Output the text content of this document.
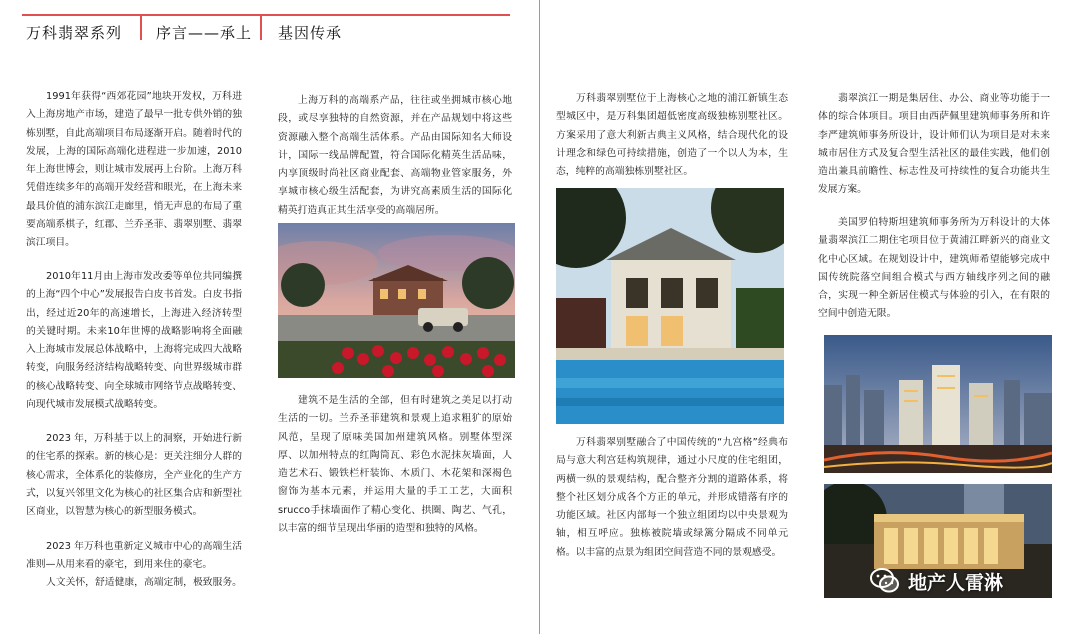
万科翡翠系列 序言——承上 基因传承
1991年获得“西郊花园”地块开发权，万科进入上海房地产市场，建造了最早一批专供外销的独栋别墅，自此高端项目布局逐渐开启。随着时代的发展，上海的国际高端化进程进一步加速，2010年上海世博会，则让城市发展再上台阶。上海万科凭借连续多年的高端开发经营和眼光，在上海未来最具价值的浦东滨江走廊里，悄无声息的布局了重要高端系棋子，红郡、兰乔圣菲、翡翠别墅、翡翠滨江项目。
2010年11月由上海市发改委等单位共同编撰的上海“四个中心”发展报告白皮书首发。白皮书指出，经过近20年的高速增长，上海进入经济转型的关键时期。未来10年世博的战略影响将全面融入上海城市发展总体战略中，上海将完成四大战略转变，向服务经济结构战略转变、向世界级城市群的核心战略转变、向全球城市网络节点战略转变、向现代城市发展模式战略转变。
2023 年，万科基于以上的洞察，开始进行新的住宅系的探索。新的核心是：更关注细分人群的核心需求，全体系化的装修房，全产业化的生产方式，以复兴邻里文化为核心的社区集合店和新型社区商业，以智慧为核心的新型服务模式。
2023 年万科也重新定义城市中心的高端生活准则—从用来看的豪宅，到用来住的豪宅。
人文关怀，舒适健康，高端定制，极致服务。
上海万科的高端系产品，往往或坐拥城市核心地段，或尽享独特的自然资源，并在产品规划中将这些资源融入整个高端生活体系。产品由国际知名大师设计，国际一线品牌配置，符合国际化精英生活品味，内享顶级时尚社区商业配套、高端物业管家服务，外享城市核心级生活配套，为讲究高素质生活的国际化精英打造真正其生活享受的高端居所。
建筑不是生活的全部，但有时建筑之美足以打动生活的一切。兰乔圣菲建筑和景观上追求粗犷的原始风范，呈现了原味美国加州建筑风格。别墅体型深厚、以加州特点的红陶筒瓦、彩色水泥抹灰墙面，人造艺术石、锻铁栏杆装饰、木质门、木花架和深褐色窗饰为基本元素，并运用大量的手工工艺，大面积srucco手抹墙面作了精心变化、拱圈、陶艺、气孔，以丰富的细节呈现出华丽的造型和独特的风格。
万科翡翠别墅位于上海核心之地的浦江新镇生态型城区中，是万科集团超低密度高级独栋别墅社区。方案采用了意大利新古典主义风格，结合现代化的设计理念和绿色可持续措施，创造了一个以人为本，生态，纯粹的高端独栋别墅社区。
万科翡翠别墅融合了中国传统的“九宫格”经典布局与意大利宫廷构筑规律，通过小尺度的住宅组团，两横一纵的景观结构，配合整齐分割的道路体系，将整个社区划分成各个方正的单元，并形成错落有序的功能区域。社区内部每一个独立组团均以中央景观为轴，相互呼应。独栋被院墙或绿篱分隔成不同单元格。以丰富的点景为组团空间营造不同的景观感受。
翡翠滨江一期是集居住、办公、商业等功能于一体的综合体项目。项目由西萨佩里建筑师事务所和许李严建筑师事务所设计，设计师们认为项目是对未来城市居住方式及复合型生活社区的最佳实践，他们创造出兼具前瞻性、标志性及可持续性的复合功能共生发展方案。
美国罗伯特斯坦建筑师事务所为万科设计的大体量翡翠滨江二期住宅项目位于黄浦江畔新兴的商业文化中心区域。在规划设计中，建筑师希望能够完成中国传统院落空间组合模式与西方轴线序列之间的融合，实现一种全新居住模式与体验的引入，在有限的空间中创造无限。
地产人雷淋
